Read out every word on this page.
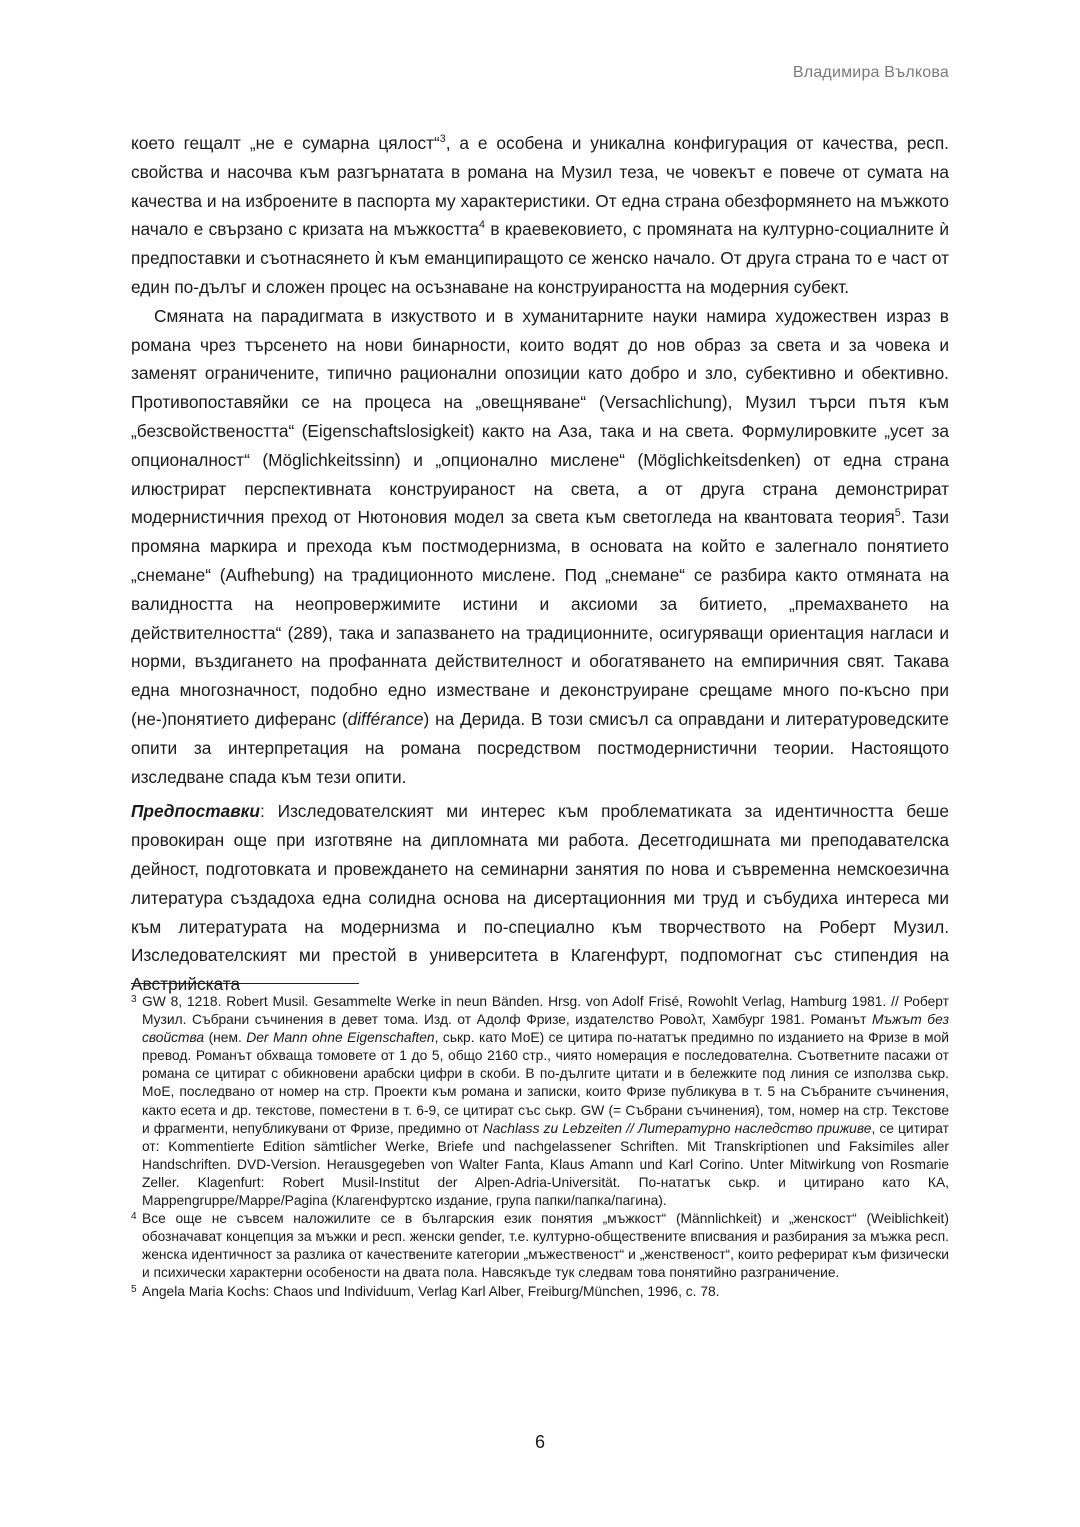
Владимира Вълкова

което гещалт „не е сумарна цялост“$^3$, а е особена и уникална конфигурация от качества, респ. свойства и насочва към разгърнатата в романа на Музил теза, че човекът е повече от сумата на качества и на изброените в паспорта му характеристики. От една страна обезформянето на мъжкото начало е свързано с кризата на мъжкостта$^4$ в краевековието, с промяната на културно-социалните ѝ предпоставки и съотнасянето ѝ към еманципиращото се женско начало. От друга страна то е част от един по-дълъг и сложен процес на осъзнаване на конструираността на модерния субект.

Смяната на парадигмата в изкуството и в хуманитарните науки намира художествен израз в романа чрез търсенето на нови бинарности, които водят до нов образ за света и за човека и заменят ограничените, типично рационални опозиции като добро и зло, субективно и обективно. Противопоставяйки се на процеса на „овещняване“ (Versachlichung), Музил търси пътя към „безсвойствеността“ (Eigenschaftslosigkeit) както на Аза, така и на света. Формулировките „усет за опционалност“ (Möglichkeitssinn) и „опционално мислене“ (Möglichkeitsdenken) от една страна илюстрират перспективната конструираност на света, а от друга страна демонстрират модернистичния преход от Нютоновия модел за света към светогледа на квантовата теория$^5$. Тази промяна маркира и прехода към постмодернизма, в основата на който е залегнало понятието „снемане“ (Aufhebung) на традиционното мислене. Под „снемане“ се разбира както отмяната на валидността на неопровержимите истини и аксиоми за битието, „премахването на действителността“ (289), така и запазването на традиционните, осигуряващи ориентация нагласи и норми, въздигането на профанната действителност и обогатяването на емпиричния свят. Такава една многозначност, подобно едно изместване и деконструиране срещаме много по-късно при (не-)понятието диферанс (différance) на Дерида. В този смисъл са оправдани и литературоведските опити за интерпретация на романа посредством постмодернистични теории. Настоящото изследване спада към тези опити.

Предпоставки: Изследователският ми интерес към проблематиката за идентичността беше провокиран още при изготвяне на дипломната ми работа. Десетгодишната ми преподавателска дейност, подготовката и провеждането на семинарни занятия по нова и съвременна немскоезична литература създадоха една солидна основа на дисертационния ми труд и събудиха интереса ми към литературата на модернизма и по-специално към творчеството на Роберт Музил. Изследователският ми престой в университета в Клагенфурт, подпомогнат със стипендия на Австрийската

3 GW 8, 1218. Robert Musil. Gesammelte Werke in neun Bänden. Hrsg. von Adolf Frisé, Rowohlt Verlag, Hamburg 1981. // Роберт Музил. Събрани съчинения в девет тома. Изд. от Адолф Фризе, издателство Ровολт, Хамбург 1981. Романът Мъжът без свойства (нем. Der Mann ohne Eigenschaften, ськр. като МоЕ) се цитира по-нататък предимно по изданието на Фризе в мой превод. Романът обхваща томовете от 1 до 5, общо 2160 стр., чиято номерация е последователна. Съответните пасажи от романа се цитират с обикновени арабски цифри в скоби. В по-дългите цитати и в бележките под линия се използва ськр. МоЕ, последвано от номер на стр. Проекти към романа и записки, които Фризе публикува в т. 5 на Събраните съчинения, както есета и др. текстове, поместени в т. 6-9, се цитират със ськр. GW (= Събрани съчинения), том, номер на стр. Текстове и фрагменти, непубликувани от Фризе, предимно от Nachlass zu Lebzeiten // Литературно наследство приживе, се цитират от: Kommentierte Edition sämtlicher Werke, Briefe und nachgelassener Schriften. Mit Transkriptionen und Faksimiles aller Handschriften. DVD-Version. Herausgegeben von Walter Fanta, Klaus Amann und Karl Corino. Unter Mitwirkung von Rosmarie Zeller. Klagenfurt: Robert Musil-Institut der Alpen-Adria-Universität. По-нататък ськр. и цитирано като КА, Mappengruppe/Mappe/Pagina (Клагенфуртско издание, група папки/папка/пагина).

4 Все още не съвсем наложилите се в българския език понятия „мъжкост“ (Männlichkeit) и „женскост“ (Weiblichkeit) обозначават концепция за мъжки и респ. женски gender, т.е. културно-обществените вписвания и разбирания за мъжка респ. женска идентичност за разлика от качествените категории „мъжественост“ и „женственост“, които реферират към физически и психически характерни особености на двата пола. Навсякъде тук следвам това понятийно разграничение.

5 Angela Maria Kochs: Chaos und Individuum, Verlag Karl Alber, Freiburg/München, 1996, с. 78.

6
